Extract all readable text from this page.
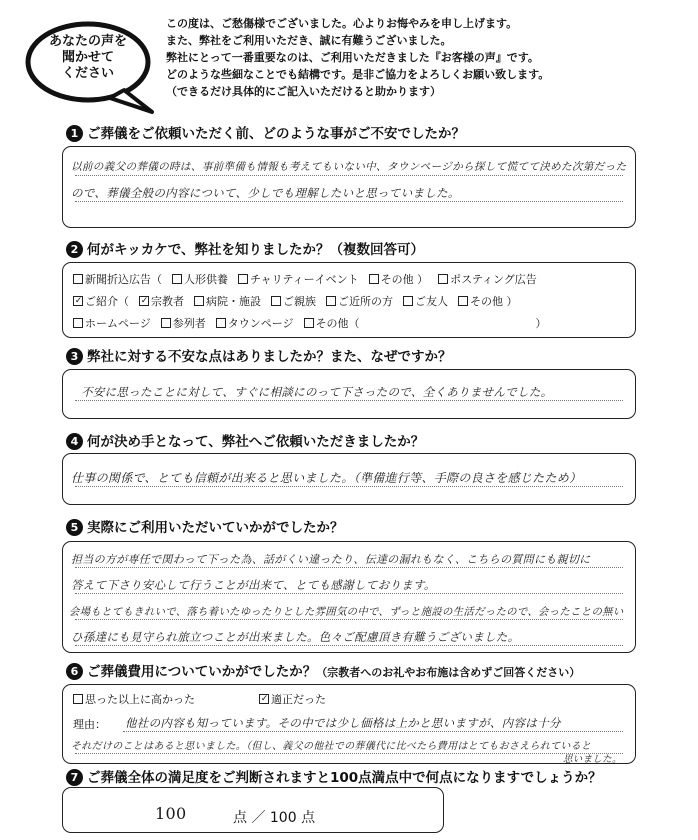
あなたの声を
聞かせて
ください
この度は、ご愁傷様でございました。心よりお悔やみを申し上げます。
また、弊社をご利用いただき、誠に有難うございました。
弊社にとって一番重要なのは、ご利用いただきました『お客様の声』です。
どのような些細なことでも結構です。是非ご協力をよろしくお願い致します。
（できるだけ具体的にご記入いただけると助かります）
1 ご葬儀をご依頼いただく前、どのような事がご不安でしたか？
以前の義父の葬儀の時は、事前準備も情報も考えてもいない中、タウンページから探して慌てて決めた次第だった
ので、葬儀全般の内容について、少しでも理解したいと思っていました。
2 何がキッカケで、弊社を知りましたか？（複数回答可）
新聞折込広告（ 人形供養 チャリティーイベント その他 ） ポスティング広告
✓ご紹介（ ✓ 宗教者 病院・施設 ご親族 ご近所の方 ご友人 その他 ）
ホームページ 参列者 タウンページ その他（　　　　　　　　　　　　　　　　）
3 弊社に対する不安な点はありましたか？また、なぜですか？
不安に思ったことに対して、すぐに相談にのって下さったので、全くありませんでした。
4 何が決め手となって、弊社へご依頼いただきましたか？
仕事の関係で、とても信頼が出来ると思いました。（準備進行等、手際の良さを感じたため）
5 実際にご利用いただいていかがでしたか？
担当の方が専任で関わって下った為、話がくい違ったり、伝達の漏れもなく、こちらの質問にも親切に
答えて下さり安心して行うことが出来て、とても感謝しております。
会場もとてもきれいで、落ち着いたゆったりとした雰囲気の中で、ずっと施設の生活だったので、会ったことの無い
ひ孫達にも見守られ旅立つことが出来ました。色々ご配慮頂き有難うございました。
6 ご葬儀費用についていかがでしたか？（宗教者へのお礼やお布施は含めずご回答ください）
思った以上に高かった ✓	適正だった
理由： 他社の内容も知っています。その中では少し価格は上かと思いますが、内容は十分
それだけのことはあると思いました。（但し、義父の他社での葬儀代に比べたら費用はとてもおさえられていると
思いました。
7 ご葬儀全体の満足度をご判断されますと100点満点中で何点になりますでしょうか？
100	点 ／ 100 点
